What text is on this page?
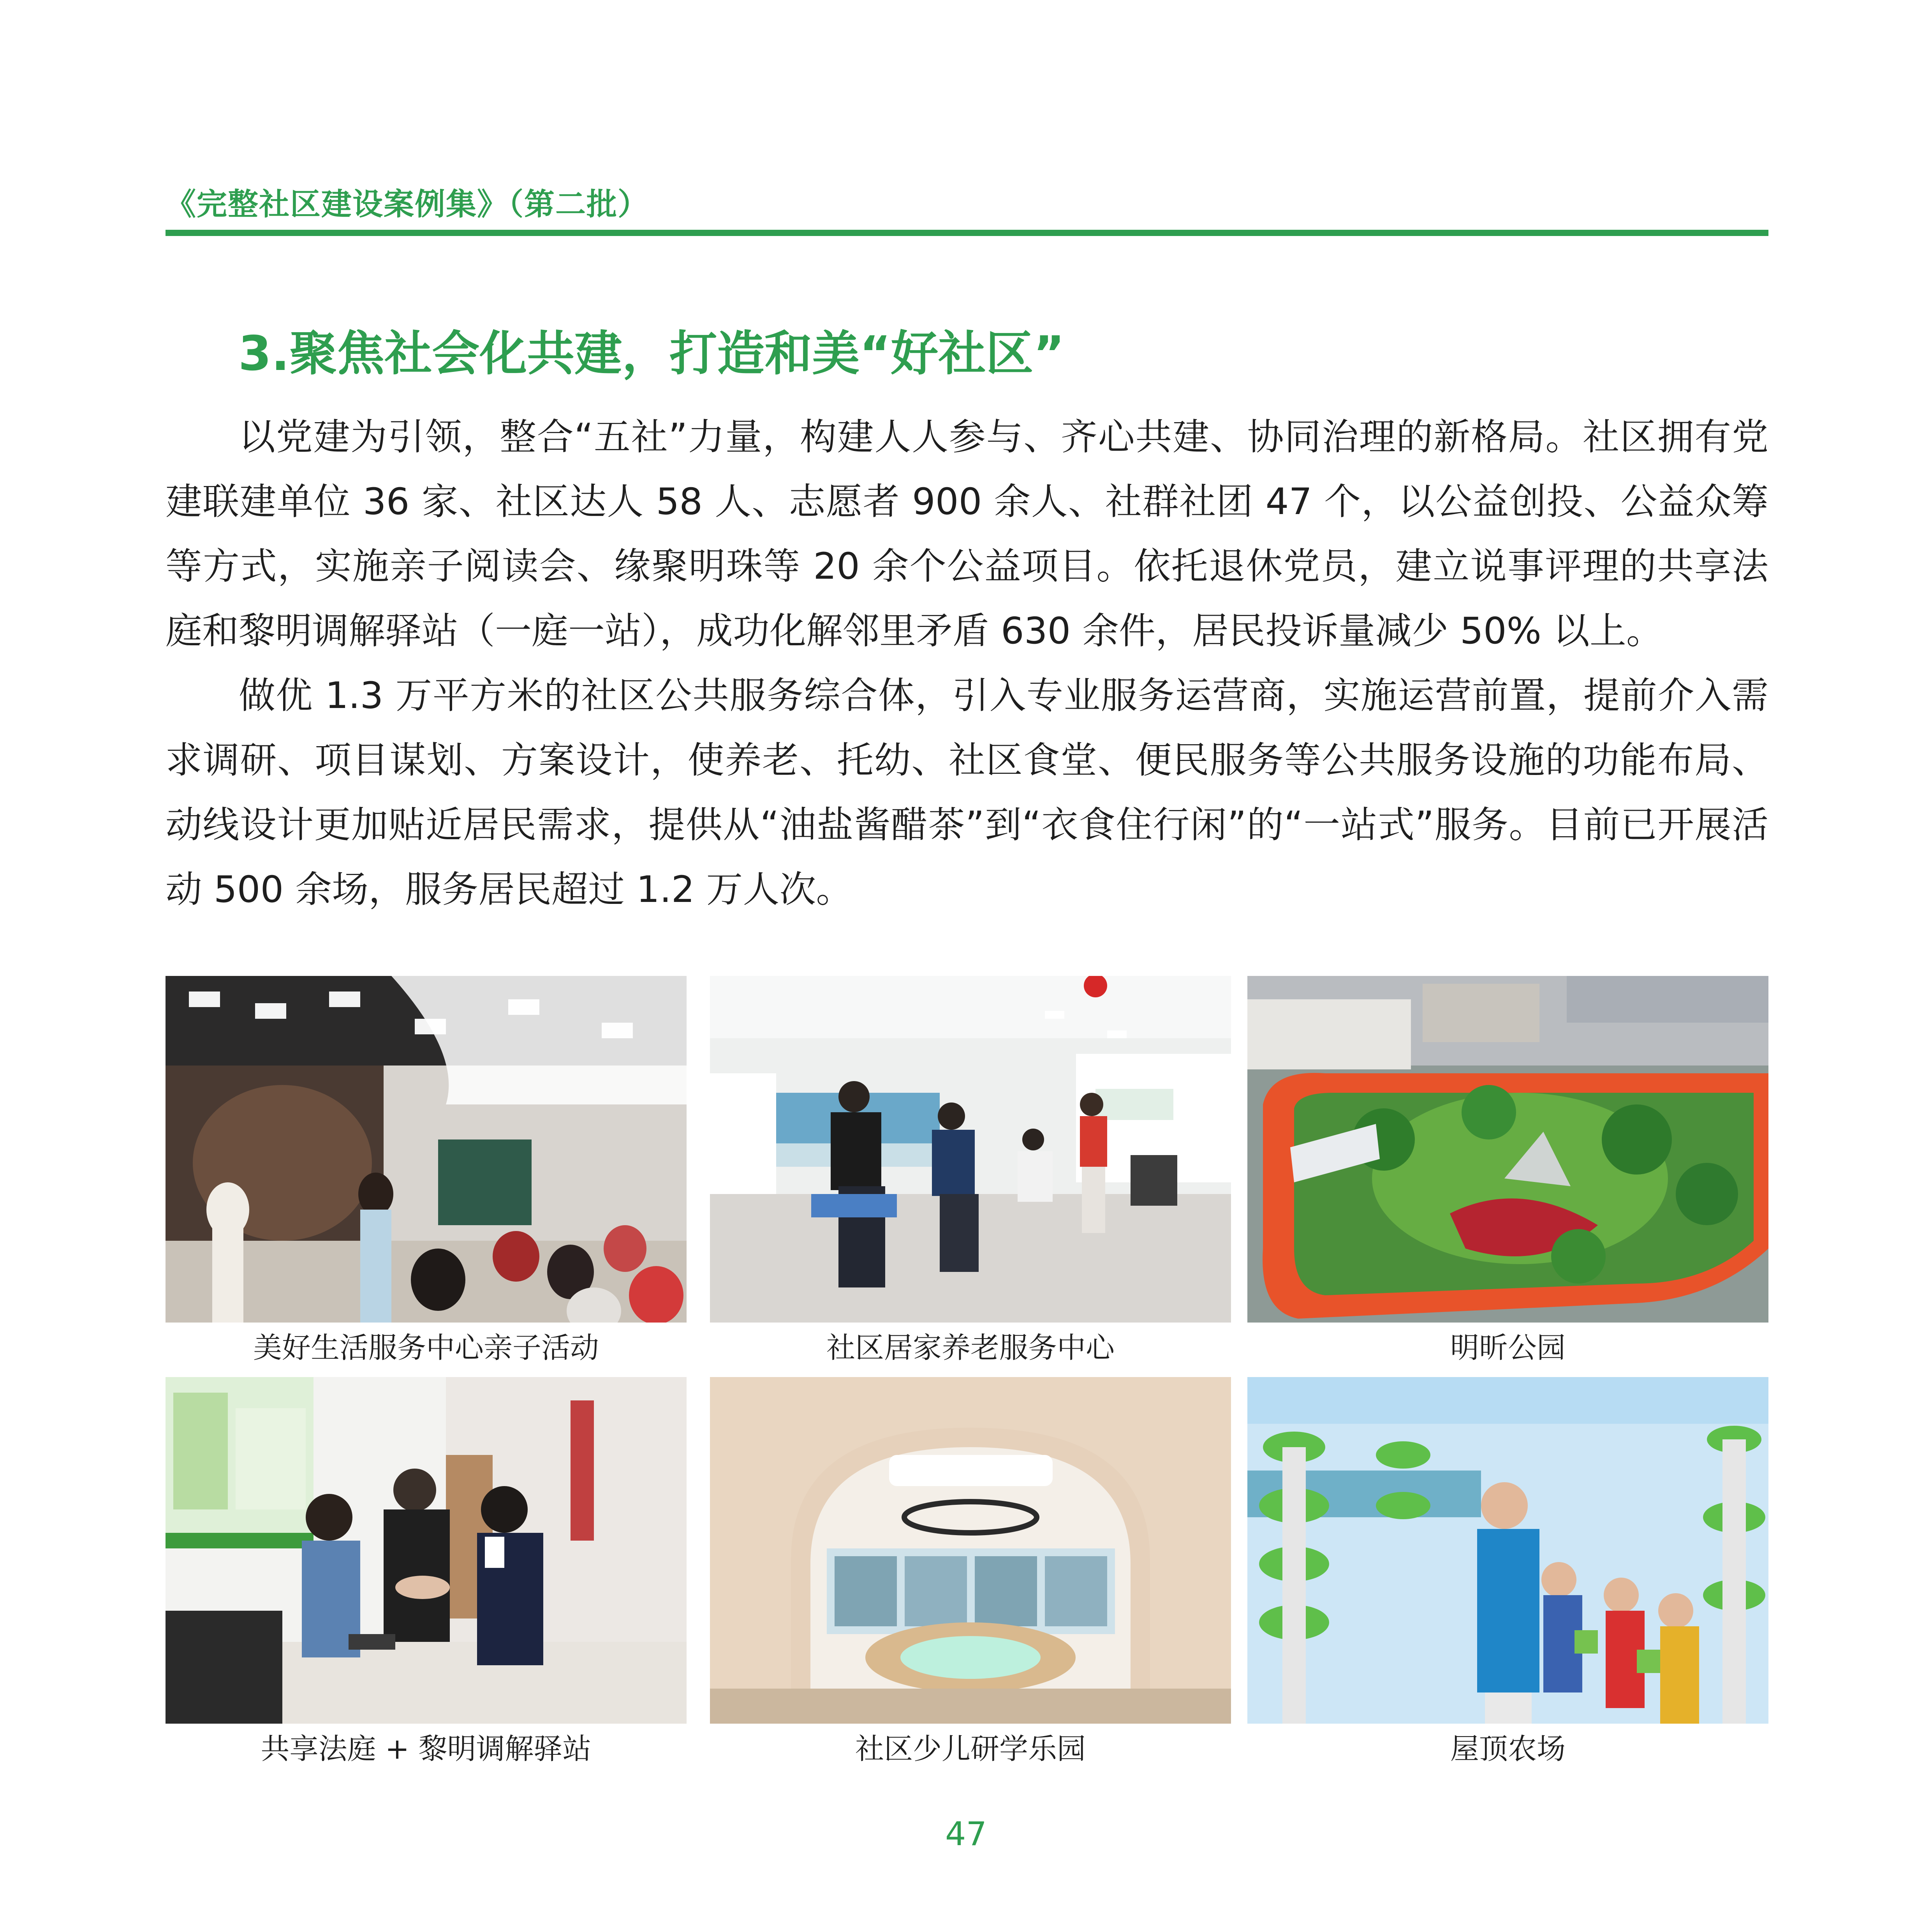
《完整社区建设案例集》（第二批）
3.聚焦社会化共建，打造和美“好社区”

以党建为引领，整合“五社”力量，构建人人参与、齐心共建、协同治理的新格局。社区拥有党建联建单位 36 家、社区达人 58 人、志愿者 900 余人、社群社团 47 个，以公益创投、公益众筹等方式，实施亲子阅读会、缘聚明珠等 20 余个公益项目。依托退休党员，建立说事评理的共享法庭和黎明调解驿站（一庭一站），成功化解邻里矛盾 630 余件，居民投诉量减少 50% 以上。

做优 1.3 万平方米的社区公共服务综合体，引入专业服务运营商，实施运营前置，提前介入需求调研、项目谋划、方案设计，使养老、托幼、社区食堂、便民服务等公共服务设施的功能布局、动线设计更加贴近居民需求，提供从“油盐酱醋茶”到“衣食住行闲”的“一站式”服务。目前已开展活动 500 余场，服务居民超过 1.2 万人次。

美好生活服务中心亲子活动	社区居家养老服务中心	明昕公园
共享法庭 + 黎明调解驿站	社区少儿研学乐园	屋顶农场
47
